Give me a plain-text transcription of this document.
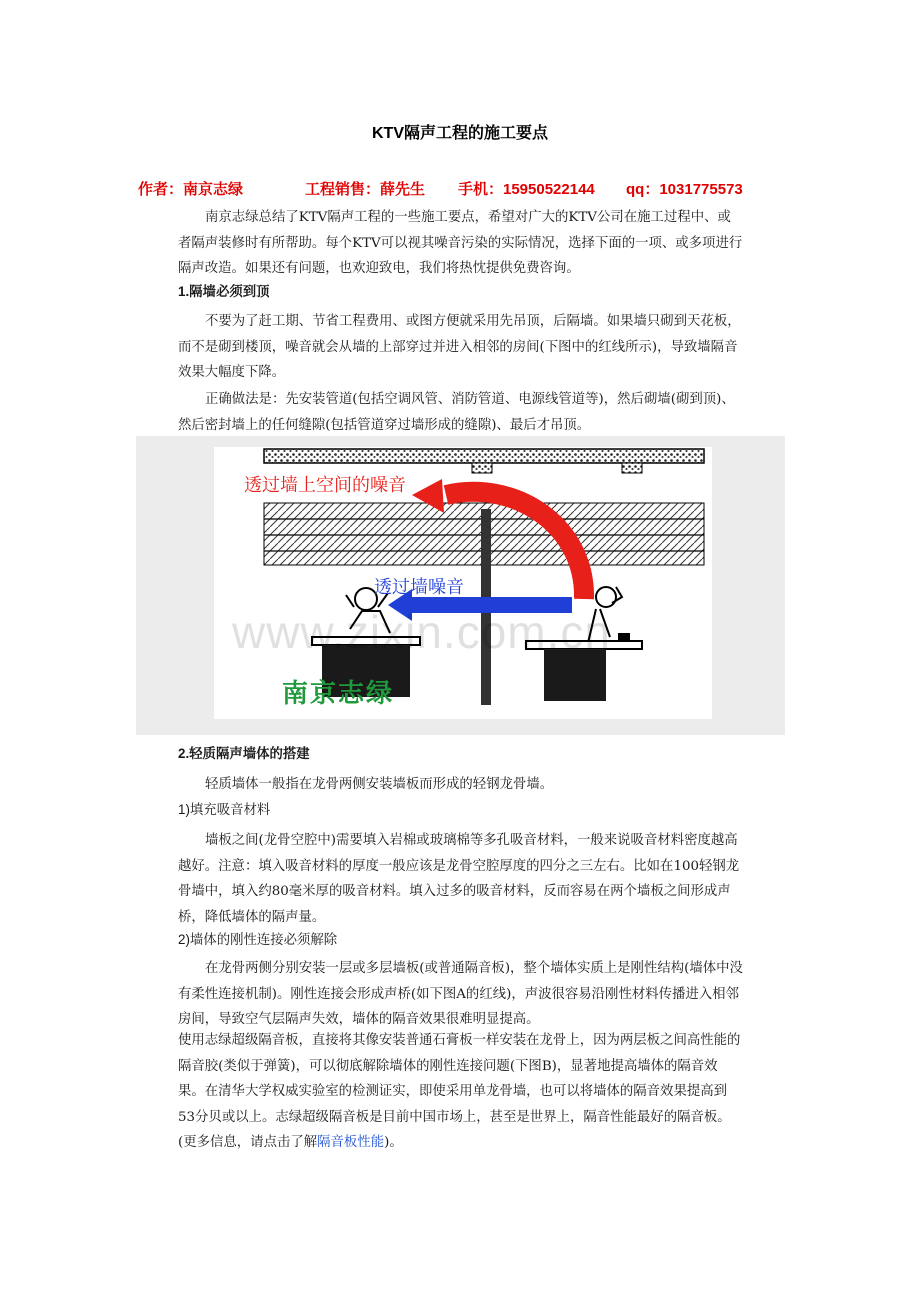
KTV隔声工程的施工要点
作者：南京志绿	工程销售：薛先生 手机：15950522144 qq：1031775573
南京志绿总结了KTV隔声工程的一些施工要点，希望对广大的KTV公司在施工过程中、或者隔声装修时有所帮助。每个KTV可以视其噪音污染的实际情况，选择下面的一项、或多项进行隔声改造。如果还有问题，也欢迎致电，我们将热忱提供免费咨询。
1.隔墙必须到顶
不要为了赶工期、节省工程费用、或图方便就采用先吊顶，后隔墙。如果墙只砌到天花板，而不是砌到楼顶，噪音就会从墙的上部穿过并进入相邻的房间(下图中的红线所示)，导致墙隔音效果大幅度下降。
正确做法是：先安装管道(包括空调风管、消防管道、电源线管道等)，然后砌墙(砌到顶)、然后密封墙上的任何缝隙(包括管道穿过墙形成的缝隙)、最后才吊顶。
透过墙上空间的噪音
透过墙噪音
南京志绿
www.zixin.com.cn
2.轻质隔声墙体的搭建
轻质墙体一般指在龙骨两侧安装墙板而形成的轻钢龙骨墙。
1)填充吸音材料
墙板之间(龙骨空腔中)需要填入岩棉或玻璃棉等多孔吸音材料，一般来说吸音材料密度越高越好。注意：填入吸音材料的厚度一般应该是龙骨空腔厚度的四分之三左右。比如在100轻钢龙骨墙中，填入约80毫米厚的吸音材料。填入过多的吸音材料，反而容易在两个墙板之间形成声桥，降低墙体的隔声量。
2)墙体的刚性连接必须解除
在龙骨两侧分别安装一层或多层墙板(或普通隔音板)，整个墙体实质上是刚性结构(墙体中没有柔性连接机制)。刚性连接会形成声桥(如下图A的红线)，声波很容易沿刚性材料传播进入相邻房间，导致空气层隔声失效，墙体的隔音效果很难明显提高。
使用志绿超级隔音板，直接将其像安装普通石膏板一样安装在龙骨上，因为两层板之间高性能的隔音胶(类似于弹簧)，可以彻底解除墙体的刚性连接问题(下图B)，显著地提高墙体的隔音效果。在清华大学权威实验室的检测证实，即使采用单龙骨墙，也可以将墙体的隔音效果提高到53分贝或以上。志绿超级隔音板是目前中国市场上，甚至是世界上，隔音性能最好的隔音板。(更多信息，请点击了解隔音板性能)。
